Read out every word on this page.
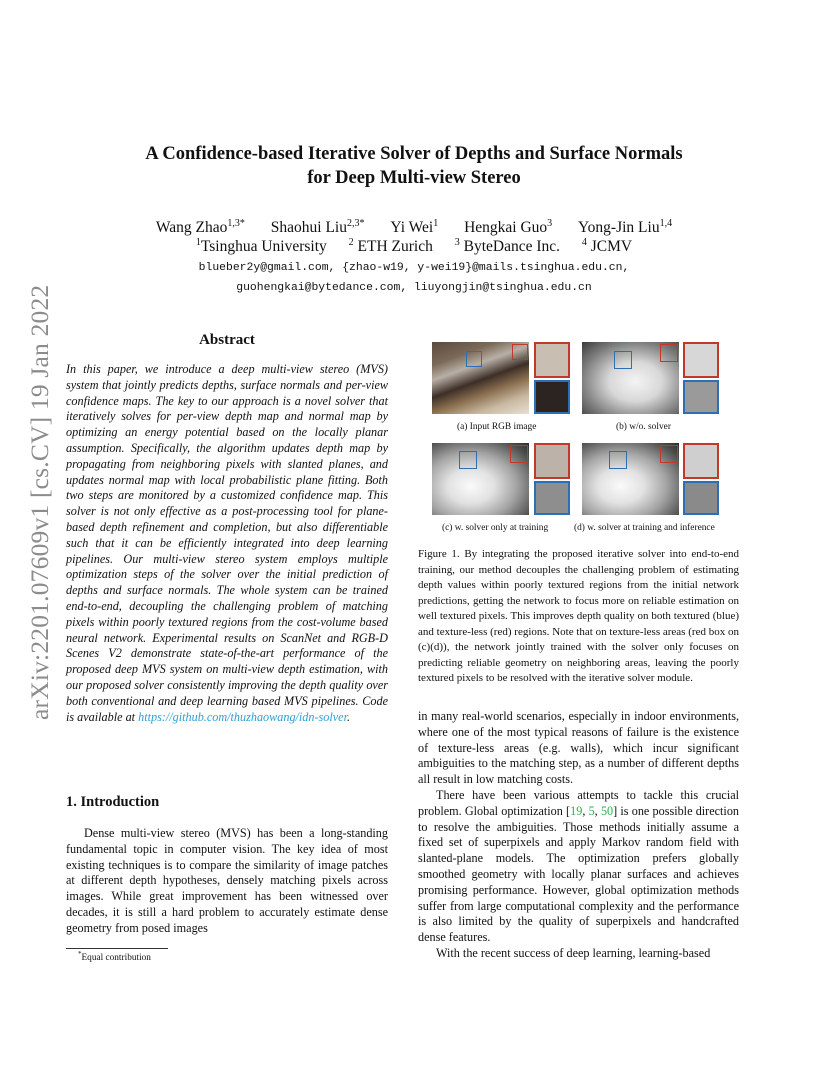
arXiv:2201.07609v1 [cs.CV] 19 Jan 2022
A Confidence-based Iterative Solver of Depths and Surface Normals
for Deep Multi-view Stereo
Wang Zhao$^{1,3*}$ Shaohui Liu$^{2,3*}$ Yi Wei$^1$ Hengkai Guo$^3$ Yong-Jin Liu$^{1,4}$
$^1$Tsinghua University $^2$ ETH Zurich $^3$ ByteDance Inc. $^4$ JCMV
blueber2y@gmail.com, {zhao-w19, y-wei19}@mails.tsinghua.edu.cn,
guohengkai@bytedance.com, liuyongjin@tsinghua.edu.cn
Abstract
In this paper, we introduce a deep multi-view stereo (MVS) system that jointly predicts depths, surface normals and per-view confidence maps. The key to our approach is a novel solver that iteratively solves for per-view depth map and normal map by optimizing an energy potential based on the locally planar assumption. Specifically, the algorithm updates depth map by propagating from neighboring pixels with slanted planes, and updates normal map with local probabilistic plane fitting. Both two steps are monitored by a customized confidence map. This solver is not only effective as a post-processing tool for plane-based depth refinement and completion, but also differentiable such that it can be efficiently integrated into deep learning pipelines. Our multi-view stereo system employs multiple optimization steps of the solver over the initial prediction of depths and surface normals. The whole system can be trained end-to-end, decoupling the challenging problem of matching pixels within poorly textured regions from the cost-volume based neural network. Experimental results on ScanNet and RGB-D Scenes V2 demonstrate state-of-the-art performance of the proposed deep MVS system on multi-view depth estimation, with our proposed solver consistently improving the depth quality over both conventional and deep learning based MVS pipelines. Code is available at https://github.com/thuzhaowang/idn-solver.
1. Introduction

Dense multi-view stereo (MVS) has been a long-standing fundamental topic in computer vision. The key idea of most existing techniques is to compare the similarity of image patches at different depth hypotheses, densely matching pixels across images. While great improvement has been witnessed over decades, it is still a hard problem to accurately estimate dense geometry from posed images

*Equal contribution
(a) Input RGB image	(b) w/o. solver
(c) w. solver only at training	(d) w. solver at training and inference
Figure 1. By integrating the proposed iterative solver into end-to-end training, our method decouples the challenging problem of estimating depth values within poorly textured regions from the initial network predictions, getting the network to focus more on reliable estimation on well textured pixels. This improves depth quality on both textured (blue) and texture-less (red) regions. Note that on texture-less areas (red box on (c)(d)), the network jointly trained with the solver only focuses on predicting reliable geometry on neighboring areas, leaving the poorly textured pixels to be resolved with the iterative solver module.

in many real-world scenarios, especially in indoor environments, where one of the most typical reasons of failure is the existence of texture-less areas (e.g. walls), which incur significant ambiguities to the matching step, as a number of different depths all result in low matching costs.

There have been various attempts to tackle this crucial problem. Global optimization [19, 5, 50] is one possible direction to resolve the ambiguities. Those methods initially assume a fixed set of superpixels and apply Markov random field with slanted-plane models. The optimization prefers globally smoothed geometry with locally planar surfaces and achieves promising performance. However, global optimization methods suffer from large computational complexity and the performance is also limited by the quality of superpixels and handcrafted dense features.

With the recent success of deep learning, learning-based
